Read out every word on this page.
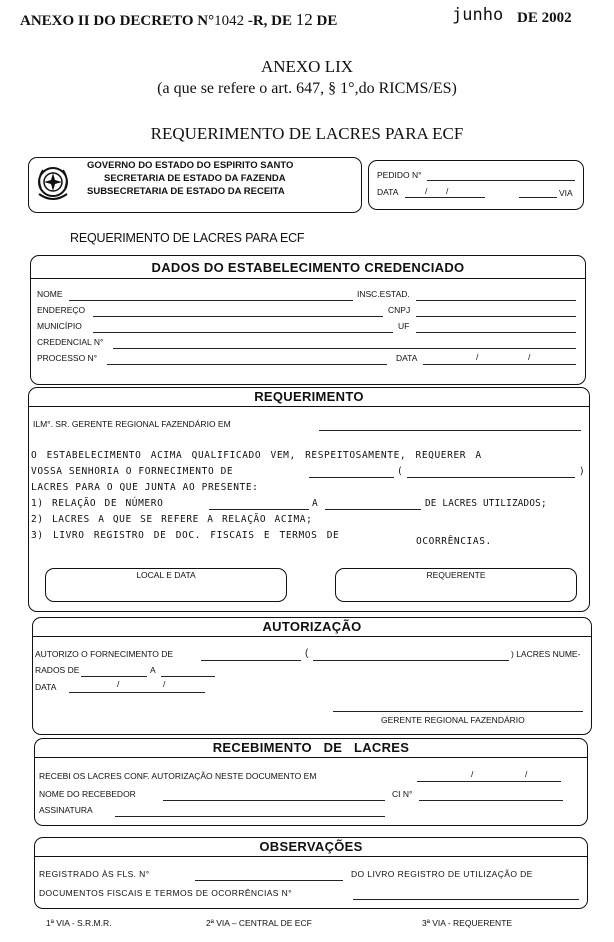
ANEXO II DO DECRETO N°1042 -R, DE 12 DE	junho DE 2002
ANEXO LIX
(a que se refere o art. 647, § 1°,do RICMS/ES)
REQUERIMENTO DE LACRES PARA ECF
GOVERNO DO ESTADO DO ESPIRITO SANTO
SECRETARIA DE ESTADO DA FAZENDA
SUBSECRETARIA DE ESTADO DA RECEITA
PEDIDO N°
DATA	/ /	VIA
REQUERIMENTO DE LACRES PARA ECF
DADOS DO ESTABELECIMENTO CREDENCIADO
NOME	INSC.ESTAD.
ENDEREÇO	CNPJ
MUNICÍPIO	UF
CREDENCIAL N°
PROCESSO N°	DATA	/	/
REQUERIMENTO
ILM°. SR. GERENTE REGIONAL FAZENDÁRIO EM
O ESTABELECIMENTO ACIMA QUALIFICADO VEM, RESPEITOSAMENTE, REQUERER A
VOSSA SENHORIA O FORNECIMENTO DE	(	)
LACRES PARA O QUE JUNTA AO PRESENTE:
1) RELAÇÃO DE NÚMERO	A	DE LACRES UTILIZADOS;
2) LACRES A QUE SE REFERE A RELAÇÃO ACIMA;
3) LIVRO REGISTRO DE DOC. FISCAIS E TERMOS DE
OCORRÊNCIAS.
LOCAL E DATA	REQUERENTE
AUTORIZAÇÃO
AUTORIZO O FORNECIMENTO DE	(	) LACRES NUME-
RADOS DE	A
DATA	/	/
GERENTE REGIONAL FAZENDÁRIO
RECEBIMENTO   DE   LACRES
RECEBI OS LACRES CONF. AUTORIZAÇÃO NESTE DOCUMENTO EM	/	/
NOME DO RECEBEDOR	CI N°
ASSINATURA
OBSERVAÇÕES
REGISTRADO ÀS FLS. N°	DO LIVRO REGISTRO DE UTILIZAÇÃO DE
DOCUMENTOS FISCAIS E TERMOS DE OCORRÊNCIAS N°
1ª VIA - S.R.M.R.	2ª VIA – CENTRAL DE ECF	3ª VIA - REQUERENTE
